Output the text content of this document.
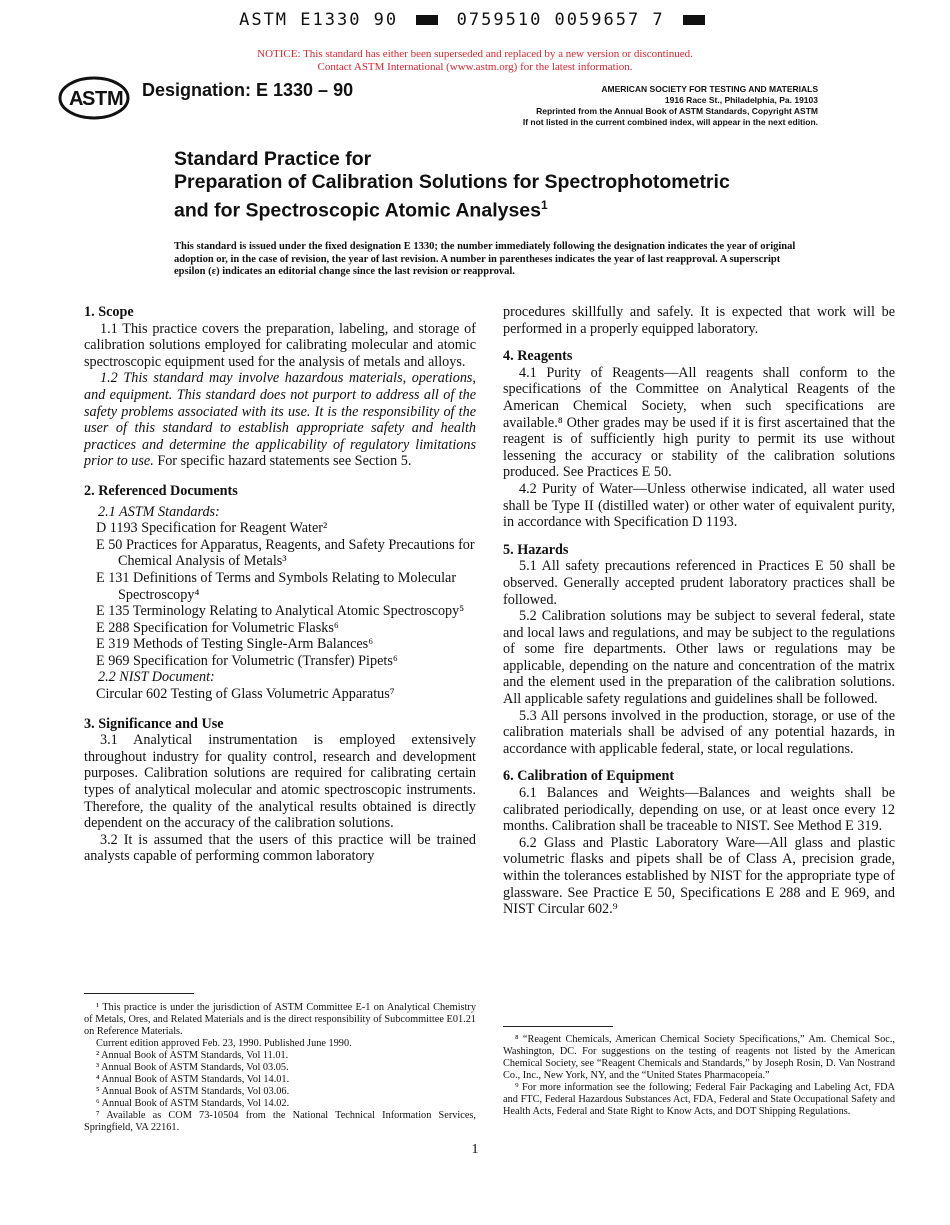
ASTM E1330 90	0759510 0059657 7
NOTICE: This standard has either been superseded and replaced by a new version or discontinued.
Contact ASTM International (www.astm.org) for the latest information.
A
S T M Designation: E 1330 – 90	AMERICAN SOCIETY FOR TESTING AND MATERIALS
1916 Race St., Philadelphia, Pa. 19103
Reprinted from the Annual Book of ASTM Standards, Copyright ASTM
If not listed in the current combined index, will appear in the next edition.
Standard Practice for
Preparation of Calibration Solutions for Spectrophotometric
and for Spectroscopic Atomic Analyses$^1$
This standard is issued under the fixed designation E 1330; the number immediately following the designation indicates the year of original adoption or, in the case of revision, the year of last revision. A number in parentheses indicates the year of last reapproval. A superscript epsilon (ε) indicates an editorial change since the last revision or reapproval.
1. Scope

1.1 This practice covers the preparation, labeling, and storage of calibration solutions employed for calibrating molecular and atomic spectroscopic equipment used for the analysis of metals and alloys.

1.2 This standard may involve hazardous materials, operations, and equipment. This standard does not purport to address all of the safety problems associated with its use. It is the responsibility of the user of this standard to establish appropriate safety and health practices and determine the applicability of regulatory limitations prior to use. For specific hazard statements see Section 5.

2. Referenced Documents

2.1 ASTM Standards:

D 1193 Specification for Reagent Water²

E 50 Practices for Apparatus, Reagents, and Safety Precautions for Chemical Analysis of Metals³

E 131 Definitions of Terms and Symbols Relating to Molecular Spectroscopy⁴

E 135 Terminology Relating to Analytical Atomic Spectroscopy⁵

E 288 Specification for Volumetric Flasks⁶

E 319 Methods of Testing Single-Arm Balances⁶

E 969 Specification for Volumetric (Transfer) Pipets⁶

2.2 NIST Document:

Circular 602 Testing of Glass Volumetric Apparatus⁷

3. Significance and Use

3.1 Analytical instrumentation is employed extensively throughout industry for quality control, research and development purposes. Calibration solutions are required for calibrating certain types of analytical molecular and atomic spectroscopic instruments. Therefore, the quality of the analytical results obtained is directly dependent on the accuracy of the calibration solutions.

3.2 It is assumed that the users of this practice will be trained analysts capable of performing common laboratory

¹ This practice is under the jurisdiction of ASTM Committee E-1 on Analytical Chemistry of Metals, Ores, and Related Materials and is the direct responsibility of Subcommittee E01.21 on Reference Materials.

Current edition approved Feb. 23, 1990. Published June 1990.

² Annual Book of ASTM Standards, Vol 11.01.

³ Annual Book of ASTM Standards, Vol 03.05.

⁴ Annual Book of ASTM Standards, Vol 14.01.

⁵ Annual Book of ASTM Standards, Vol 03.06.

⁶ Annual Book of ASTM Standards, Vol 14.02.

⁷ Available as COM 73-10504 from the National Technical Information Services, Springfield, VA 22161.

procedures skillfully and safely. It is expected that work will be performed in a properly equipped laboratory.

4. Reagents

4.1 Purity of Reagents—All reagents shall conform to the specifications of the Committee on Analytical Reagents of the American Chemical Society, when such specifications are available.⁸ Other grades may be used if it is first ascertained that the reagent is of sufficiently high purity to permit its use without lessening the accuracy or stability of the calibration solutions produced. See Practices E 50.

4.2 Purity of Water—Unless otherwise indicated, all water used shall be Type II (distilled water) or other water of equivalent purity, in accordance with Specification D 1193.

5. Hazards

5.1 All safety precautions referenced in Practices E 50 shall be observed. Generally accepted prudent laboratory practices shall be followed.

5.2 Calibration solutions may be subject to several federal, state and local laws and regulations, and may be subject to the regulations of some fire departments. Other laws or regulations may be applicable, depending on the nature and concentration of the matrix and the element used in the preparation of the calibration solutions. All applicable safety regulations and guidelines shall be followed.

5.3 All persons involved in the production, storage, or use of the calibration materials shall be advised of any potential hazards, in accordance with applicable federal, state, or local regulations.

6. Calibration of Equipment

6.1 Balances and Weights—Balances and weights shall be calibrated periodically, depending on use, or at least once every 12 months. Calibration shall be traceable to NIST. See Method E 319.

6.2 Glass and Plastic Laboratory Ware—All glass and plastic volumetric flasks and pipets shall be of Class A, precision grade, within the tolerances established by NIST for the appropriate type of glassware. See Practice E 50, Specifications E 288 and E 969, and NIST Circular 602.⁹

⁸ “Reagent Chemicals, American Chemical Society Specifications,” Am. Chemical Soc., Washington, DC. For suggestions on the testing of reagents not listed by the American Chemical Society, see “Reagent Chemicals and Standards,” by Joseph Rosin, D. Van Nostrand Co., Inc., New York, NY, and the “United States Pharmacopeia.”

⁹ For more information see the following; Federal Fair Packaging and Labeling Act, FDA and FTC, Federal Hazardous Substances Act, FDA, Federal and State Occupational Safety and Health Acts, Federal and State Right to Know Acts, and DOT Shipping Regulations.

1
